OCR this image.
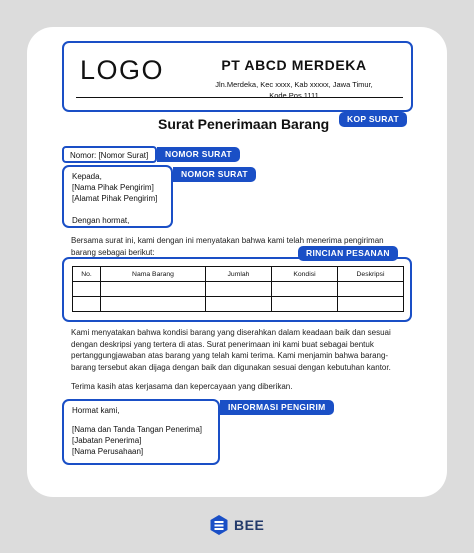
LOGO	PT ABCD MERDEKA
Jln.Merdeka, Kec xxxx, Kab xxxxx, Jawa Timur,
Kode Pos 1111
KOP SURAT
Surat Penerimaan Barang
Nomor: [Nomor Surat]	NOMOR SURAT
Kepada,
[Nama Pihak Pengirim]
[Alamat Pihak Pengirim]
Dengan hormat,
NOMOR SURAT
Bersama surat ini, kami dengan ini menyatakan bahwa kami telah menerima pengiriman
barang sebagai berikut:	RINCIAN PESANAN
No.	Nama Barang	Jumlah	Kondisi	Deskripsi

Kami menyatakan bahwa kondisi barang yang diserahkan dalam keadaan baik dan sesuai
dengan deskripsi yang tertera di atas. Surat penerimaan ini kami buat sebagai bentuk
pertanggungjawaban atas barang yang telah kami terima. Kami menjamin bahwa barang-
barang tersebut akan dijaga dengan baik dan digunakan sesuai dengan kebutuhan kantor.
Terima kasih atas kerjasama dan kepercayaan yang diberikan.
Hormat kami,
[Nama dan Tanda Tangan Penerima]
[Jabatan Penerima]
[Nama Perusahaan]
INFORMASI PENGIRIM
BEE
